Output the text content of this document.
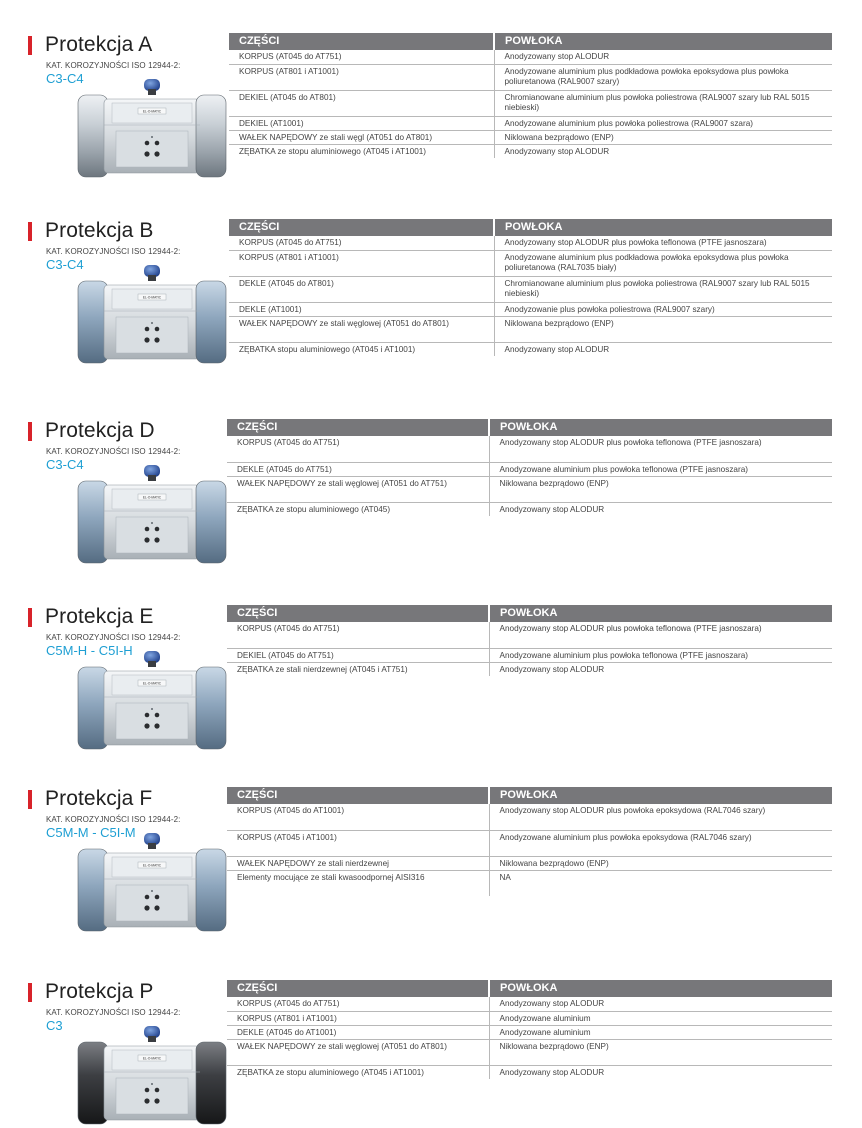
Protekcja A
KAT. KOROZYJNOŚCI ISO 12944-2:
C3-C4
EL-O-MATIC
CZĘŚCI	POWŁOKA
KORPUS (AT045 do AT751)	Anodyzowany stop ALODUR
KORPUS (AT801 i AT1001)	Anodyzowane aluminium plus podkładowa powłoka epoksydowa plus powłoka poliuretanowa (RAL9007 szary)
DEKIEL (AT045 do AT801)	Chromianowane aluminium plus powłoka poliestrowa (RAL9007 szary lub RAL 5015 niebieski)
DEKIEL (AT1001)	Anodyzowane aluminium plus powłoka poliestrowa (RAL9007 szara)
WAŁEK NAPĘDOWY ze stali węgl (AT051 do AT801)	Niklowana bezprądowo (ENP)
ZĘBATKA ze stopu aluminiowego (AT045 i AT1001)	Anodyzowany stop ALODUR
Protekcja B
KAT. KOROZYJNOŚCI ISO 12944-2:
C3-C4
EL-O-MATIC
CZĘŚCI	POWŁOKA
KORPUS (AT045 do AT751)	Anodyzowany stop ALODUR plus powłoka teflonowa (PTFE jasnoszara)
KORPUS (AT801 i AT1001)	Anodyzowane aluminium plus podkładowa powłoka epoksydowa plus powłoka poliuretanowa (RAL7035 biały)
DEKLE (AT045 do AT801)	Chromianowane aluminium plus powłoka poliestrowa (RAL9007 szary lub RAL 5015 niebieski)
DEKLE (AT1001)	Anodyzowanie plus powłoka poliestrowa (RAL9007 szary)
WAŁEK NAPĘDOWY ze stali węglowej (AT051 do AT801)	Niklowana bezprądowo (ENP)
ZĘBATKA stopu aluminiowego (AT045 i AT1001)	Anodyzowany stop ALODUR
Protekcja D
KAT. KOROZYJNOŚCI ISO 12944-2:
C3-C4
EL-O-MATIC
CZĘŚCI	POWŁOKA
KORPUS (AT045 do AT751)	Anodyzowany stop ALODUR plus powłoka teflonowa (PTFE jasnoszara)
DEKLE (AT045 do AT751)	Anodyzowane aluminium plus powłoka teflonowa (PTFE jasnoszara)
WAŁEK NAPĘDOWY ze stali węglowej (AT051 do AT751)	Niklowana bezprądowo (ENP)
ZĘBATKA ze stopu aluminiowego (AT045)	Anodyzowany stop ALODUR
Protekcja E
KAT. KOROZYJNOŚCI ISO 12944-2:
C5M-H - C5I-H
EL-O-MATIC
CZĘŚCI	POWŁOKA
KORPUS (AT045 do AT751)	Anodyzowany stop ALODUR plus powłoka teflonowa (PTFE jasnoszara)
DEKIEL (AT045 do AT751)	Anodyzowane aluminium plus powłoka teflonowa (PTFE jasnoszara)
ZĘBATKA ze stali nierdzewnej (AT045 i AT751)	Anodyzowany stop ALODUR
Protekcja F
KAT. KOROZYJNOŚCI ISO 12944-2:
C5M-M - C5I-M
EL-O-MATIC
CZĘŚCI	POWŁOKA
KORPUS (AT045 do AT1001)	Anodyzowany stop ALODUR plus powłoka epoksydowa (RAL7046 szary)
KORPUS (AT045 i AT1001)	Anodyzowane aluminium plus powłoka epoksydowa (RAL7046 szary)
WAŁEK NAPĘDOWY ze stali nierdzewnej	Niklowana bezprądowo (ENP)
Elementy mocujące ze stali kwasoodpornej AISI316	NA
Protekcja P
KAT. KOROZYJNOŚCI ISO 12944-2:
C3
EL-O-MATIC
CZĘŚCI	POWŁOKA
KORPUS (AT045 do AT751)	Anodyzowany stop ALODUR
KORPUS (AT801 i AT1001)	Anodyzowane aluminium
DEKLE (AT045 do AT1001)	Anodyzowane aluminium
WAŁEK NAPĘDOWY ze stali węglowej (AT051 do AT801)	Niklowana bezprądowo (ENP)
ZĘBATKA ze stopu aluminiowego (AT045 i AT1001)	Anodyzowany stop ALODUR
